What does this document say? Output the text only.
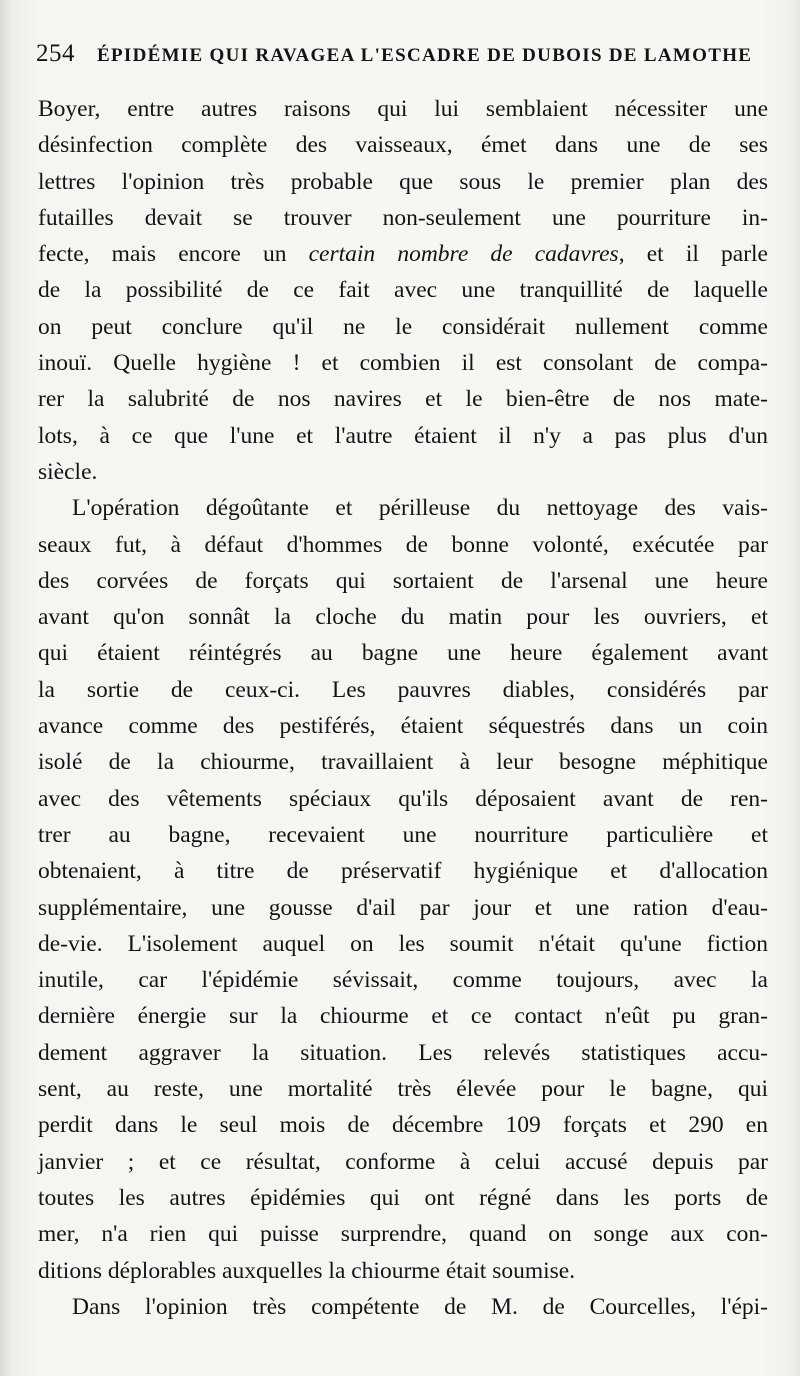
254 ÉPIDÉMIE QUI RAVAGEA L'ESCADRE DE DUBOIS DE LAMOTHE
Boyer, entre autres raisons qui lui semblaient nécessiter une
désinfection complète des vaisseaux, émet dans une de ses
lettres l'opinion très probable que sous le premier plan des
futailles devait se trouver non-seulement une pourriture in-
fecte, mais encore un certain nombre de cadavres, et il parle
de la possibilité de ce fait avec une tranquillité de laquelle
on peut conclure qu'il ne le considérait nullement comme
inouï. Quelle hygiène ! et combien il est consolant de compa-
rer la salubrité de nos navires et le bien-être de nos mate-
lots, à ce que l'une et l'autre étaient il n'y a pas plus d'un
siècle.
L'opération dégoûtante et périlleuse du nettoyage des vais-
seaux fut, à défaut d'hommes de bonne volonté, exécutée par
des corvées de forçats qui sortaient de l'arsenal une heure
avant qu'on sonnât la cloche du matin pour les ouvriers, et
qui étaient réintégrés au bagne une heure également avant
la sortie de ceux-ci. Les pauvres diables, considérés par
avance comme des pestiférés, étaient séquestrés dans un coin
isolé de la chiourme, travaillaient à leur besogne méphitique
avec des vêtements spéciaux qu'ils déposaient avant de ren-
trer au bagne, recevaient une nourriture particulière et
obtenaient, à titre de préservatif hygiénique et d'allocation
supplémentaire, une gousse d'ail par jour et une ration d'eau-
de-vie. L'isolement auquel on les soumit n'était qu'une fiction
inutile, car l'épidémie sévissait, comme toujours, avec la
dernière énergie sur la chiourme et ce contact n'eût pu gran-
dement aggraver la situation. Les relevés statistiques accu-
sent, au reste, une mortalité très élevée pour le bagne, qui
perdit dans le seul mois de décembre 109 forçats et 290 en
janvier ; et ce résultat, conforme à celui accusé depuis par
toutes les autres épidémies qui ont régné dans les ports de
mer, n'a rien qui puisse surprendre, quand on songe aux con-
ditions déplorables auxquelles la chiourme était soumise.
Dans l'opinion très compétente de M. de Courcelles, l'épi-
